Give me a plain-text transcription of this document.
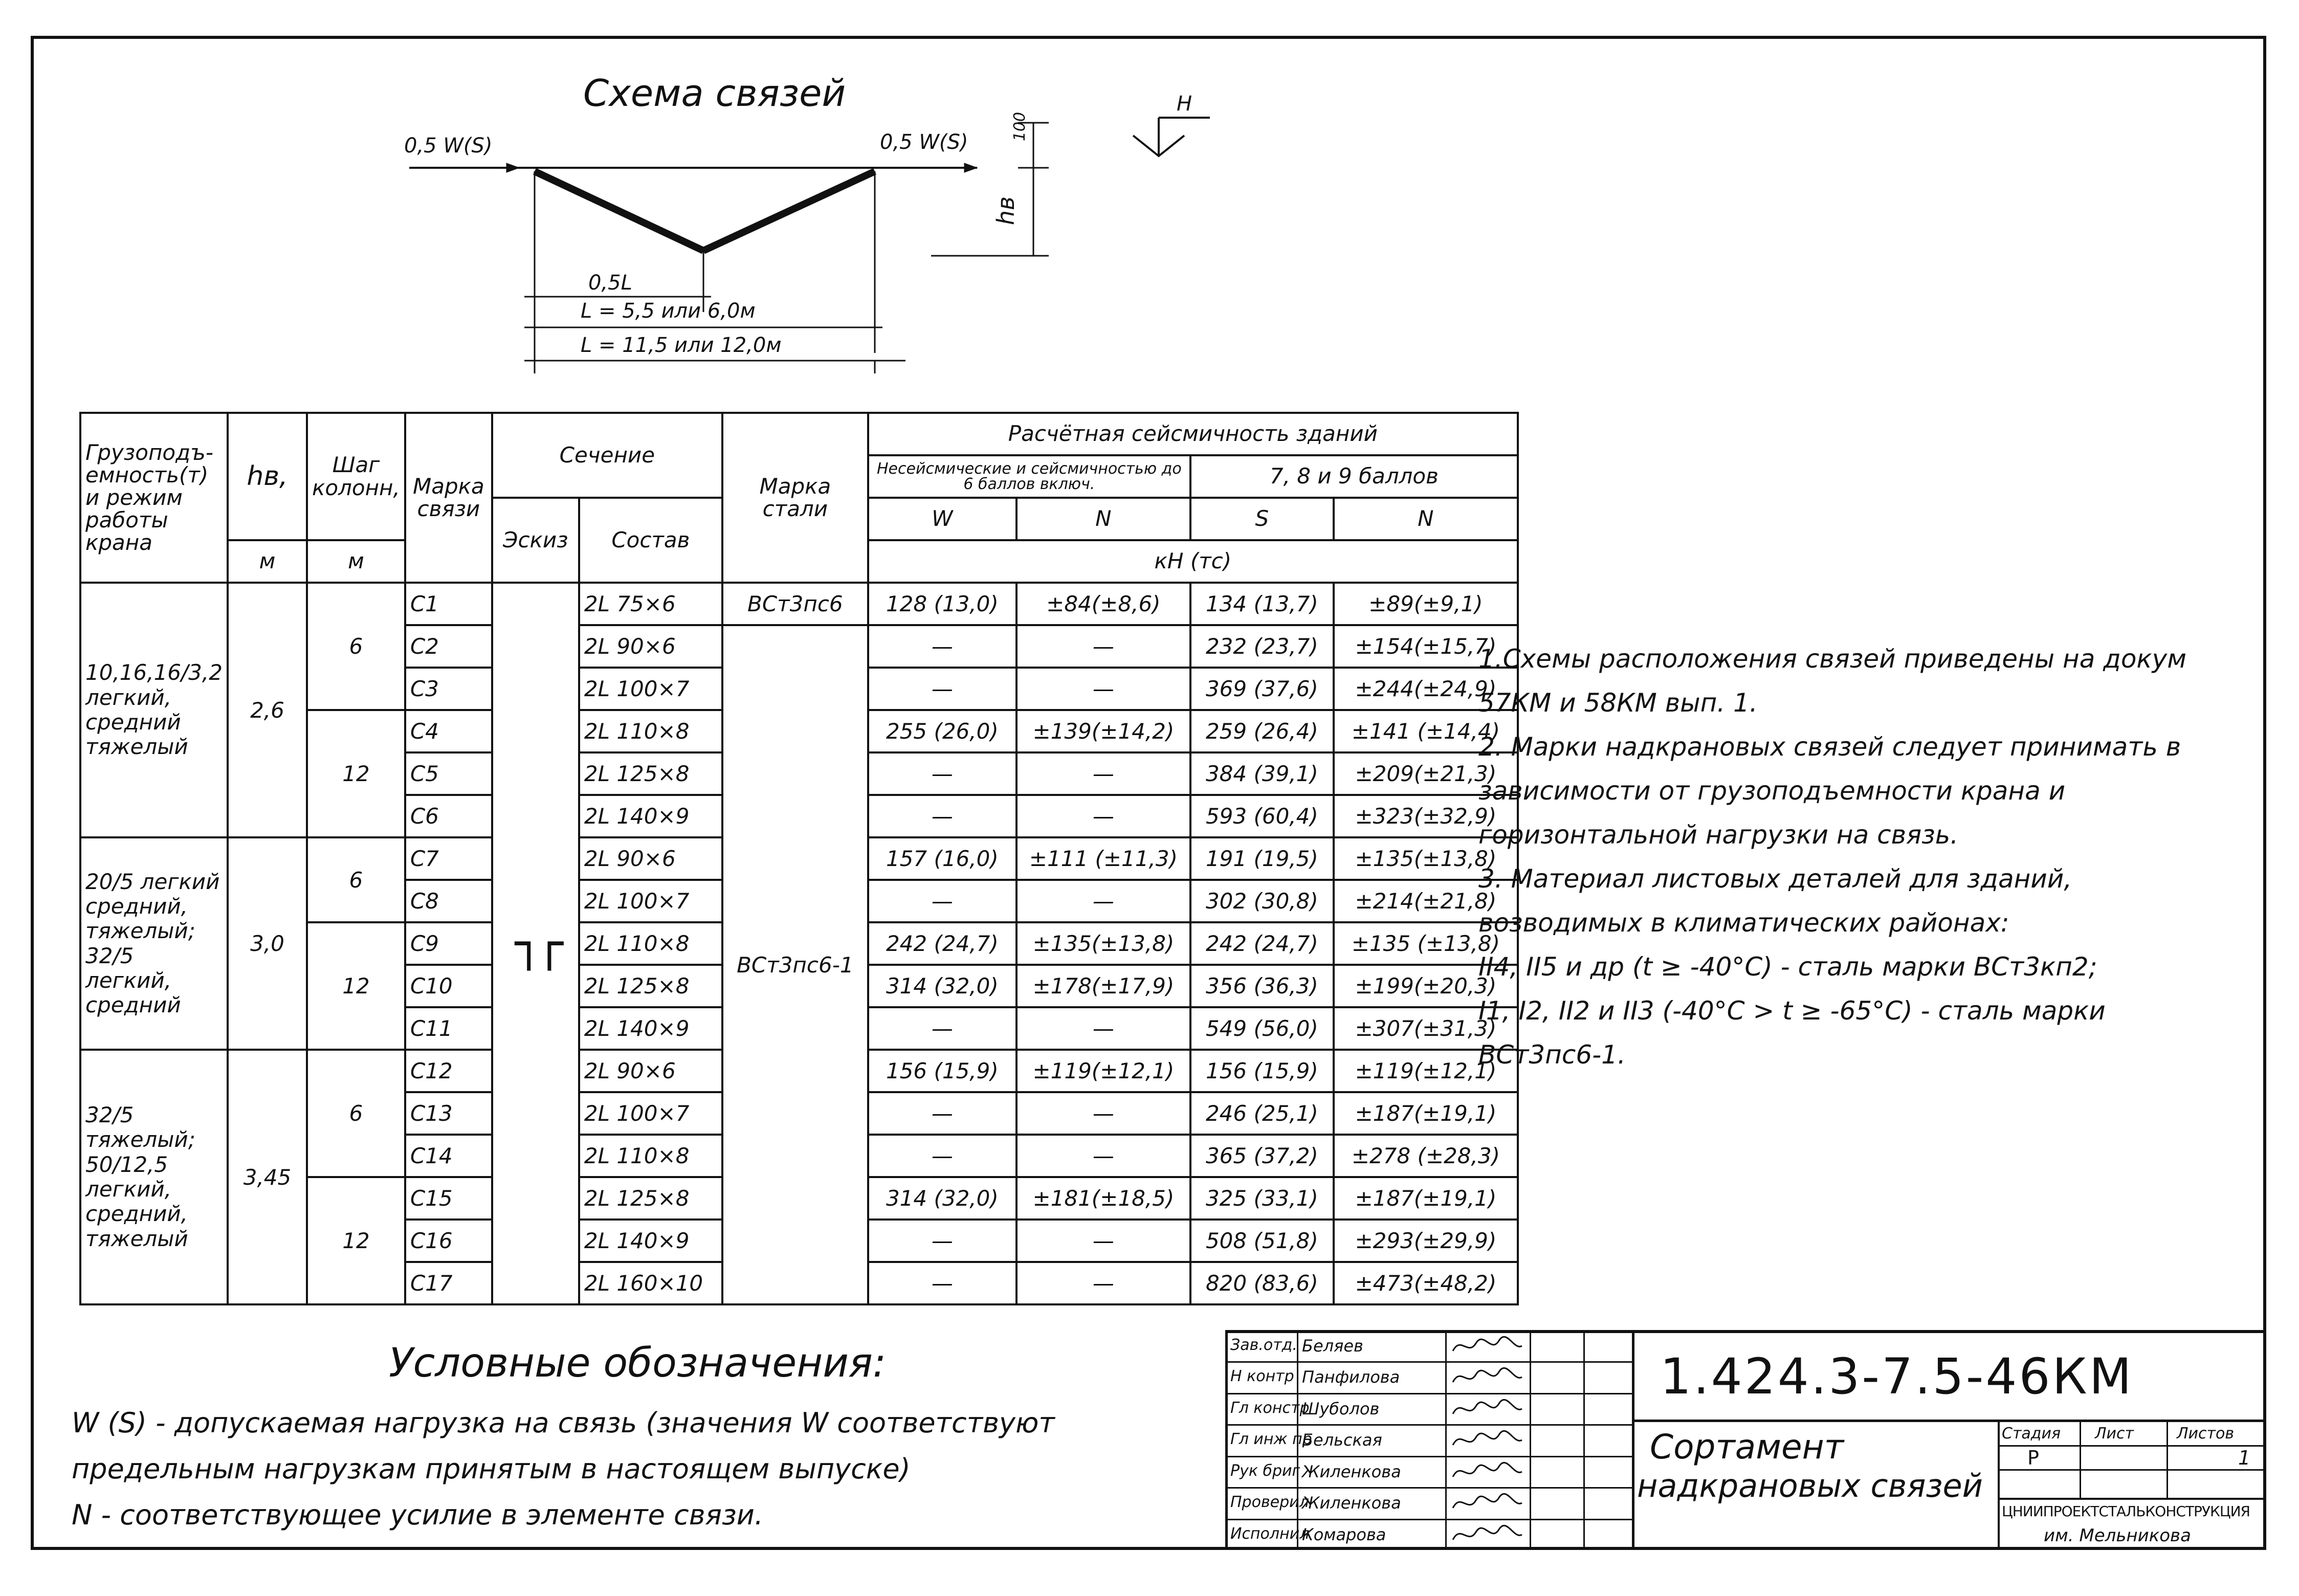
Схема связей
0,5 W(S)	0,5 W(S)
100
hв
0,5L
L = 5,5 или 6,0м
L = 11,5 или 12,0м
Н
Грузоподъ-емность(т) и режим работы крана	hв,	Шаг колонн,	Марка связи	Сечение		Марка стали	Расчётная сейсмичность зданий			
							Несейсмические и сейсмичностью до 6 баллов включ.		7, 8 и 9 баллов	
				Эскиз	Состав		W	N	S	N
	м	м					кН (тс)			
10,16,16/3,2 легкий, средний тяжелый	2,6	6	С1	┐┌	2L 75×6	ВСт3пс6	128 (13,0)	±84(±8,6)	134 (13,7)	±89(±9,1)
			С2		2L 90×6	ВСт3пс6-1	—	—	232 (23,7)	±154(±15,7)
			С3		2L 100×7		—	—	369 (37,6)	±244(±24,9)
		12	С4		2L 110×8		255 (26,0)	±139(±14,2)	259 (26,4)	±141 (±14,4)
			С5		2L 125×8		—	—	384 (39,1)	±209(±21,3)
			С6		2L 140×9		—	—	593 (60,4)	±323(±32,9)
20/5 легкий средний, тяжелый; 32/5 легкий, средний	3,0	6	С7		2L 90×6		157 (16,0)	±111 (±11,3)	191 (19,5)	±135(±13,8)
			С8		2L 100×7		—	—	302 (30,8)	±214(±21,8)
		12	С9		2L 110×8		242 (24,7)	±135(±13,8)	242 (24,7)	±135 (±13,8)
			С10		2L 125×8		314 (32,0)	±178(±17,9)	356 (36,3)	±199(±20,3)
			С11		2L 140×9		—	—	549 (56,0)	±307(±31,3)
32/5 тяжелый; 50/12,5 легкий, средний, тяжелый	3,45	6	С12		2L 90×6		156 (15,9)	±119(±12,1)	156 (15,9)	±119(±12,1)
			С13		2L 100×7		—	—	246 (25,1)	±187(±19,1)
			С14		2L 110×8		—	—	365 (37,2)	±278 (±28,3)
		12	С15		2L 125×8		314 (32,0)	±181(±18,5)	325 (33,1)	±187(±19,1)
			С16		2L 140×9		—	—	508 (51,8)	±293(±29,9)
			С17		2L 160×10		—	—	820 (83,6)	±473(±48,2)

1.Схемы расположения связей приведены на докум 57КМ и 58КМ вып. 1.

2. Марки надкрановых связей следует принимать в зависимости от грузоподъемности крана и горизонтальной нагрузки на связь.

3. Материал листовых деталей для зданий, возводимых в климатических районах:

II4, II5 и др (t ≥ -40°С) - сталь марки ВСт3кп2;

I1, I2, II2 и II3 (-40°С > t ≥ -65°С) - сталь марки

ВСт3пс6-1.

Условные обозначения:
W (S) - допускаемая нагрузка на связь (значения W соответствуют
предельным нагрузкам принятым в настоящем выпуске)
N - соответствующее усилие в элементе связи.
Зав.отд. Беляев
Н контр Панфилова
Гл констр
Шуболов
Гл инж пр
Бельская
Рук бриг Жиленкова
Проверил
Жиленкова
Исполнил
Комарова
1.424.3-7.5-46КМ
Сортамент
надкрановых связей
Стадия Лист	Листов
Р	1
ЦНИИПРОЕКТСТАЛЬКОНСТРУКЦИЯ
им. Мельникова
